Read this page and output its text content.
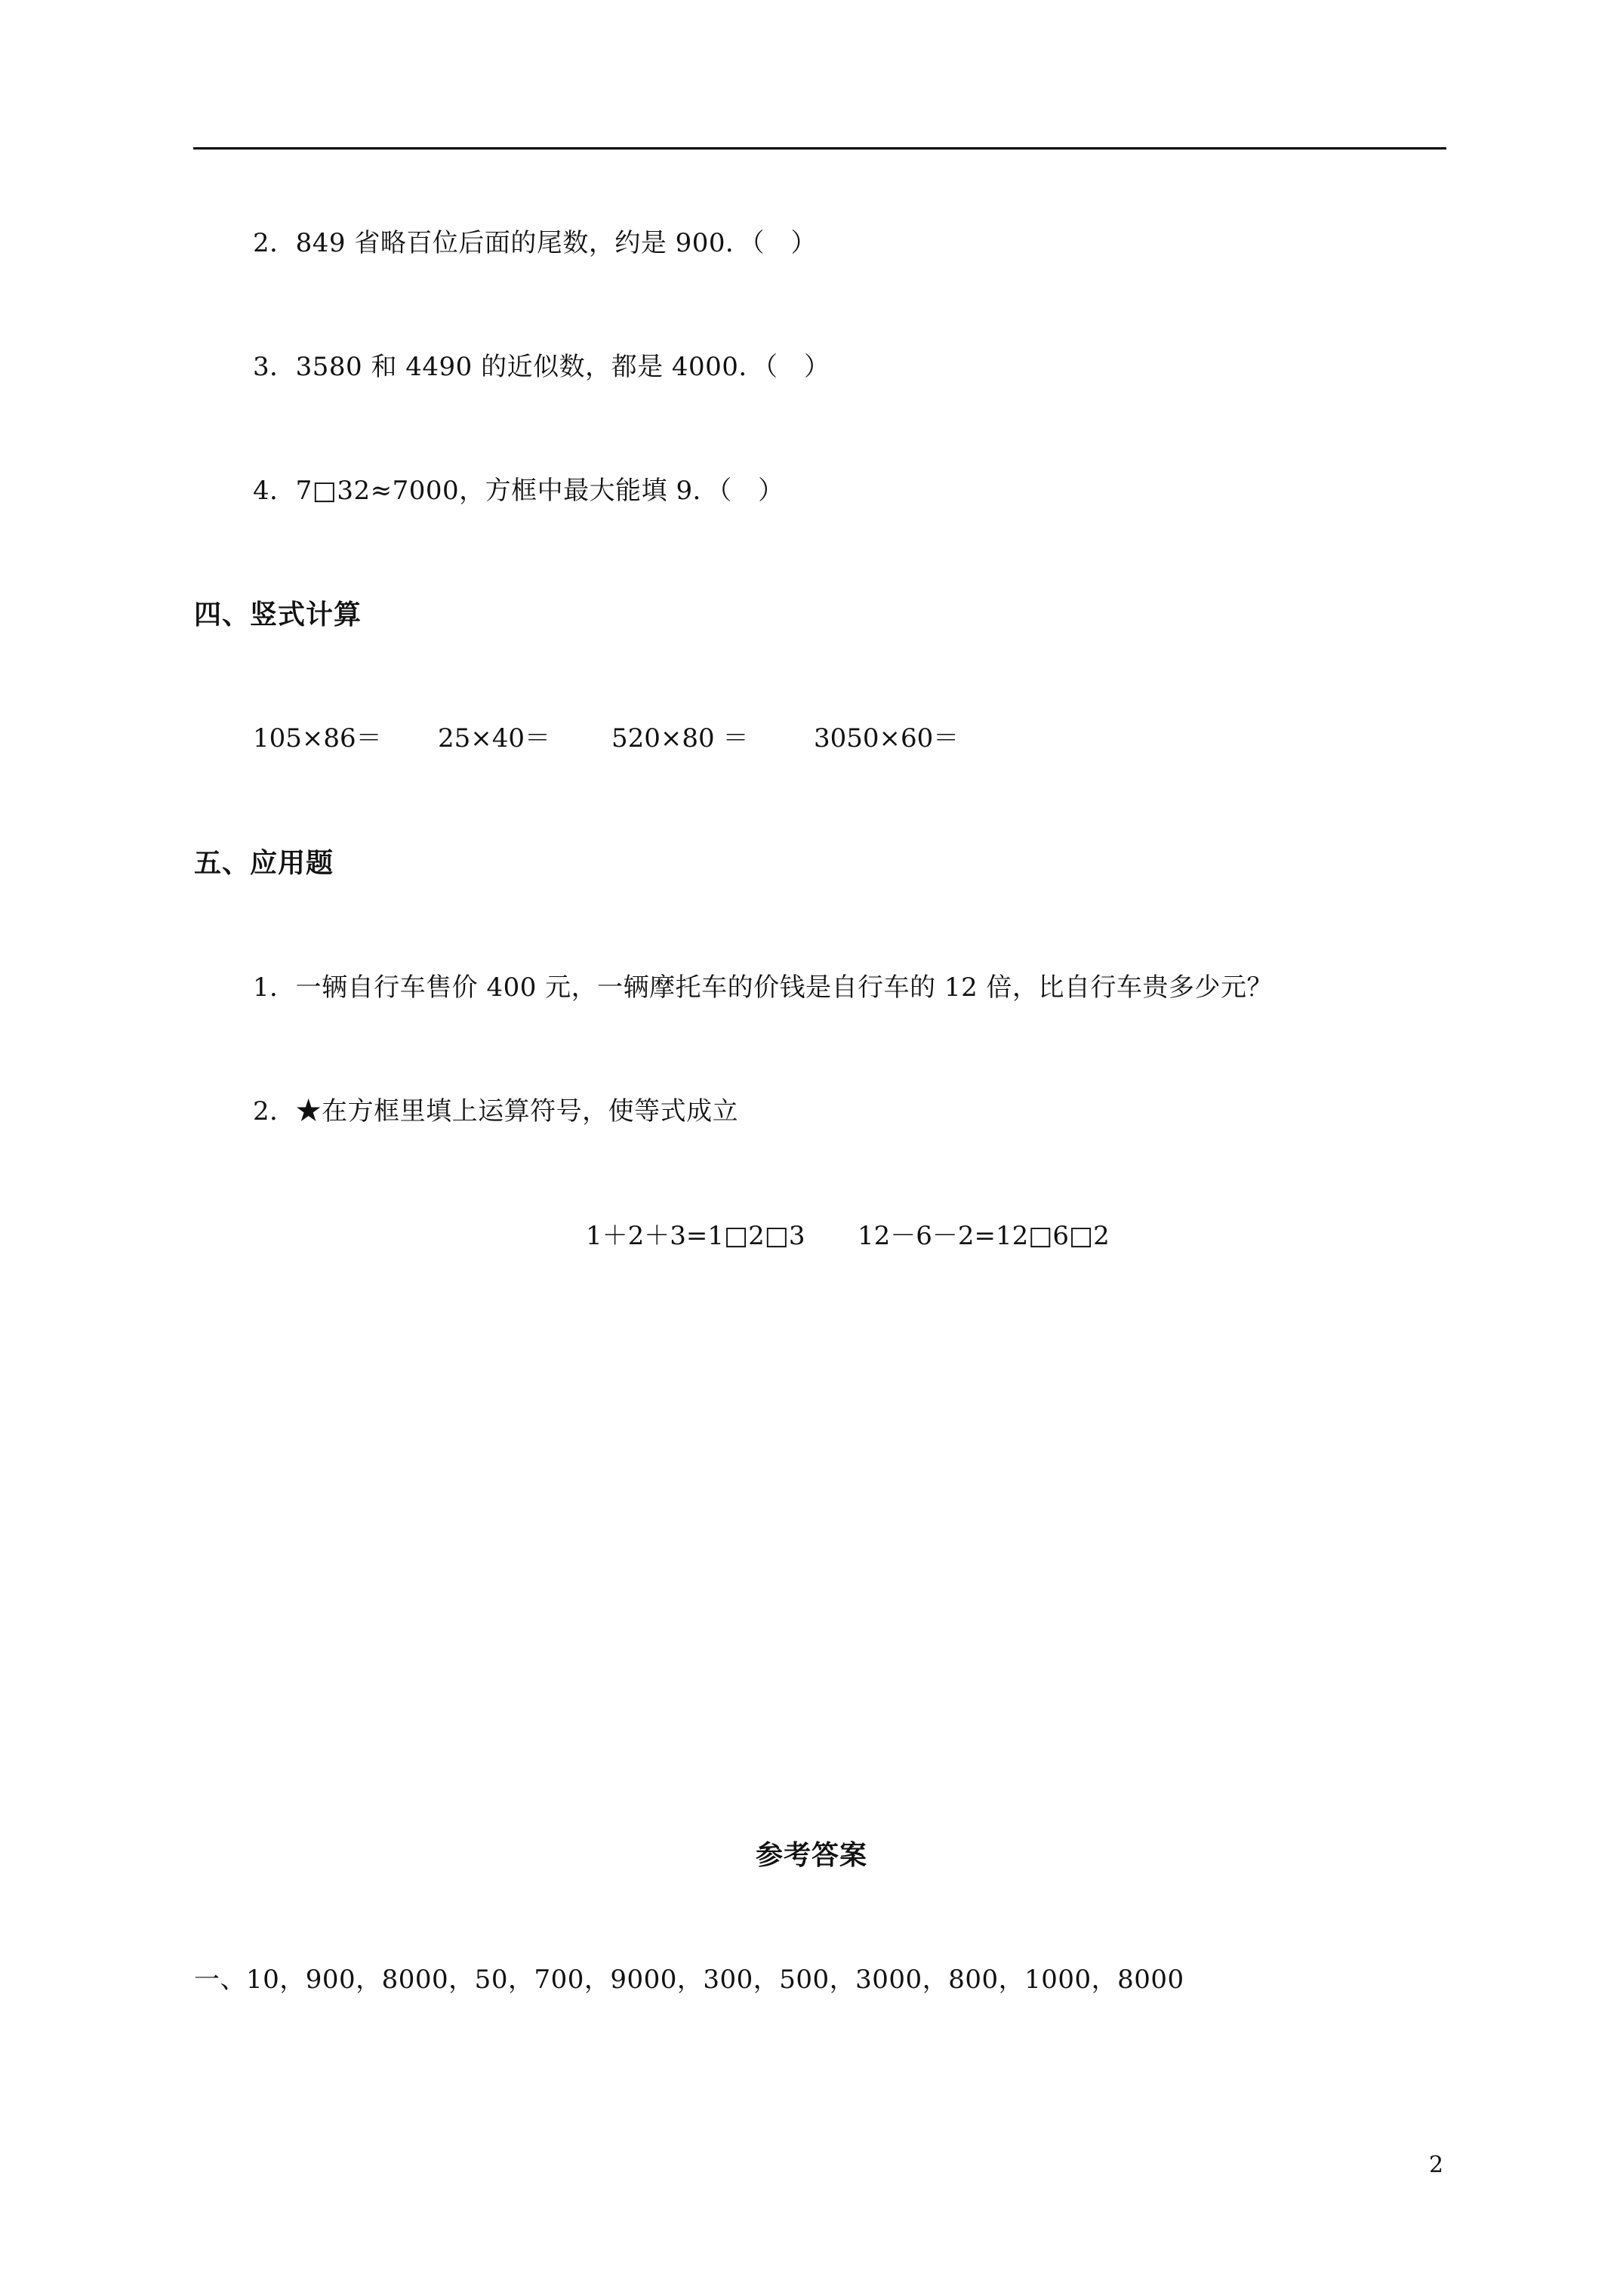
2．849 省略百位后面的尾数，约是 900．（　）
3．3580 和 4490 的近似数，都是 4000．（　）
4．7□32≈7000，方框中最大能填 9．（　）
四、竖式计算
105×86＝ 25×40＝ 520×80 ＝	3050×60＝
五、应用题
1．一辆自行车售价 400 元，一辆摩托车的价钱是自行车的 12 倍，比自行车贵多少元？
2．★在方框里填上运算符号，使等式成立
1＋2＋3=1□2□3 12－6－2=12□6□2
参考答案
一、10，900，8000，50，700，9000，300，500，3000，800，1000，8000
2
